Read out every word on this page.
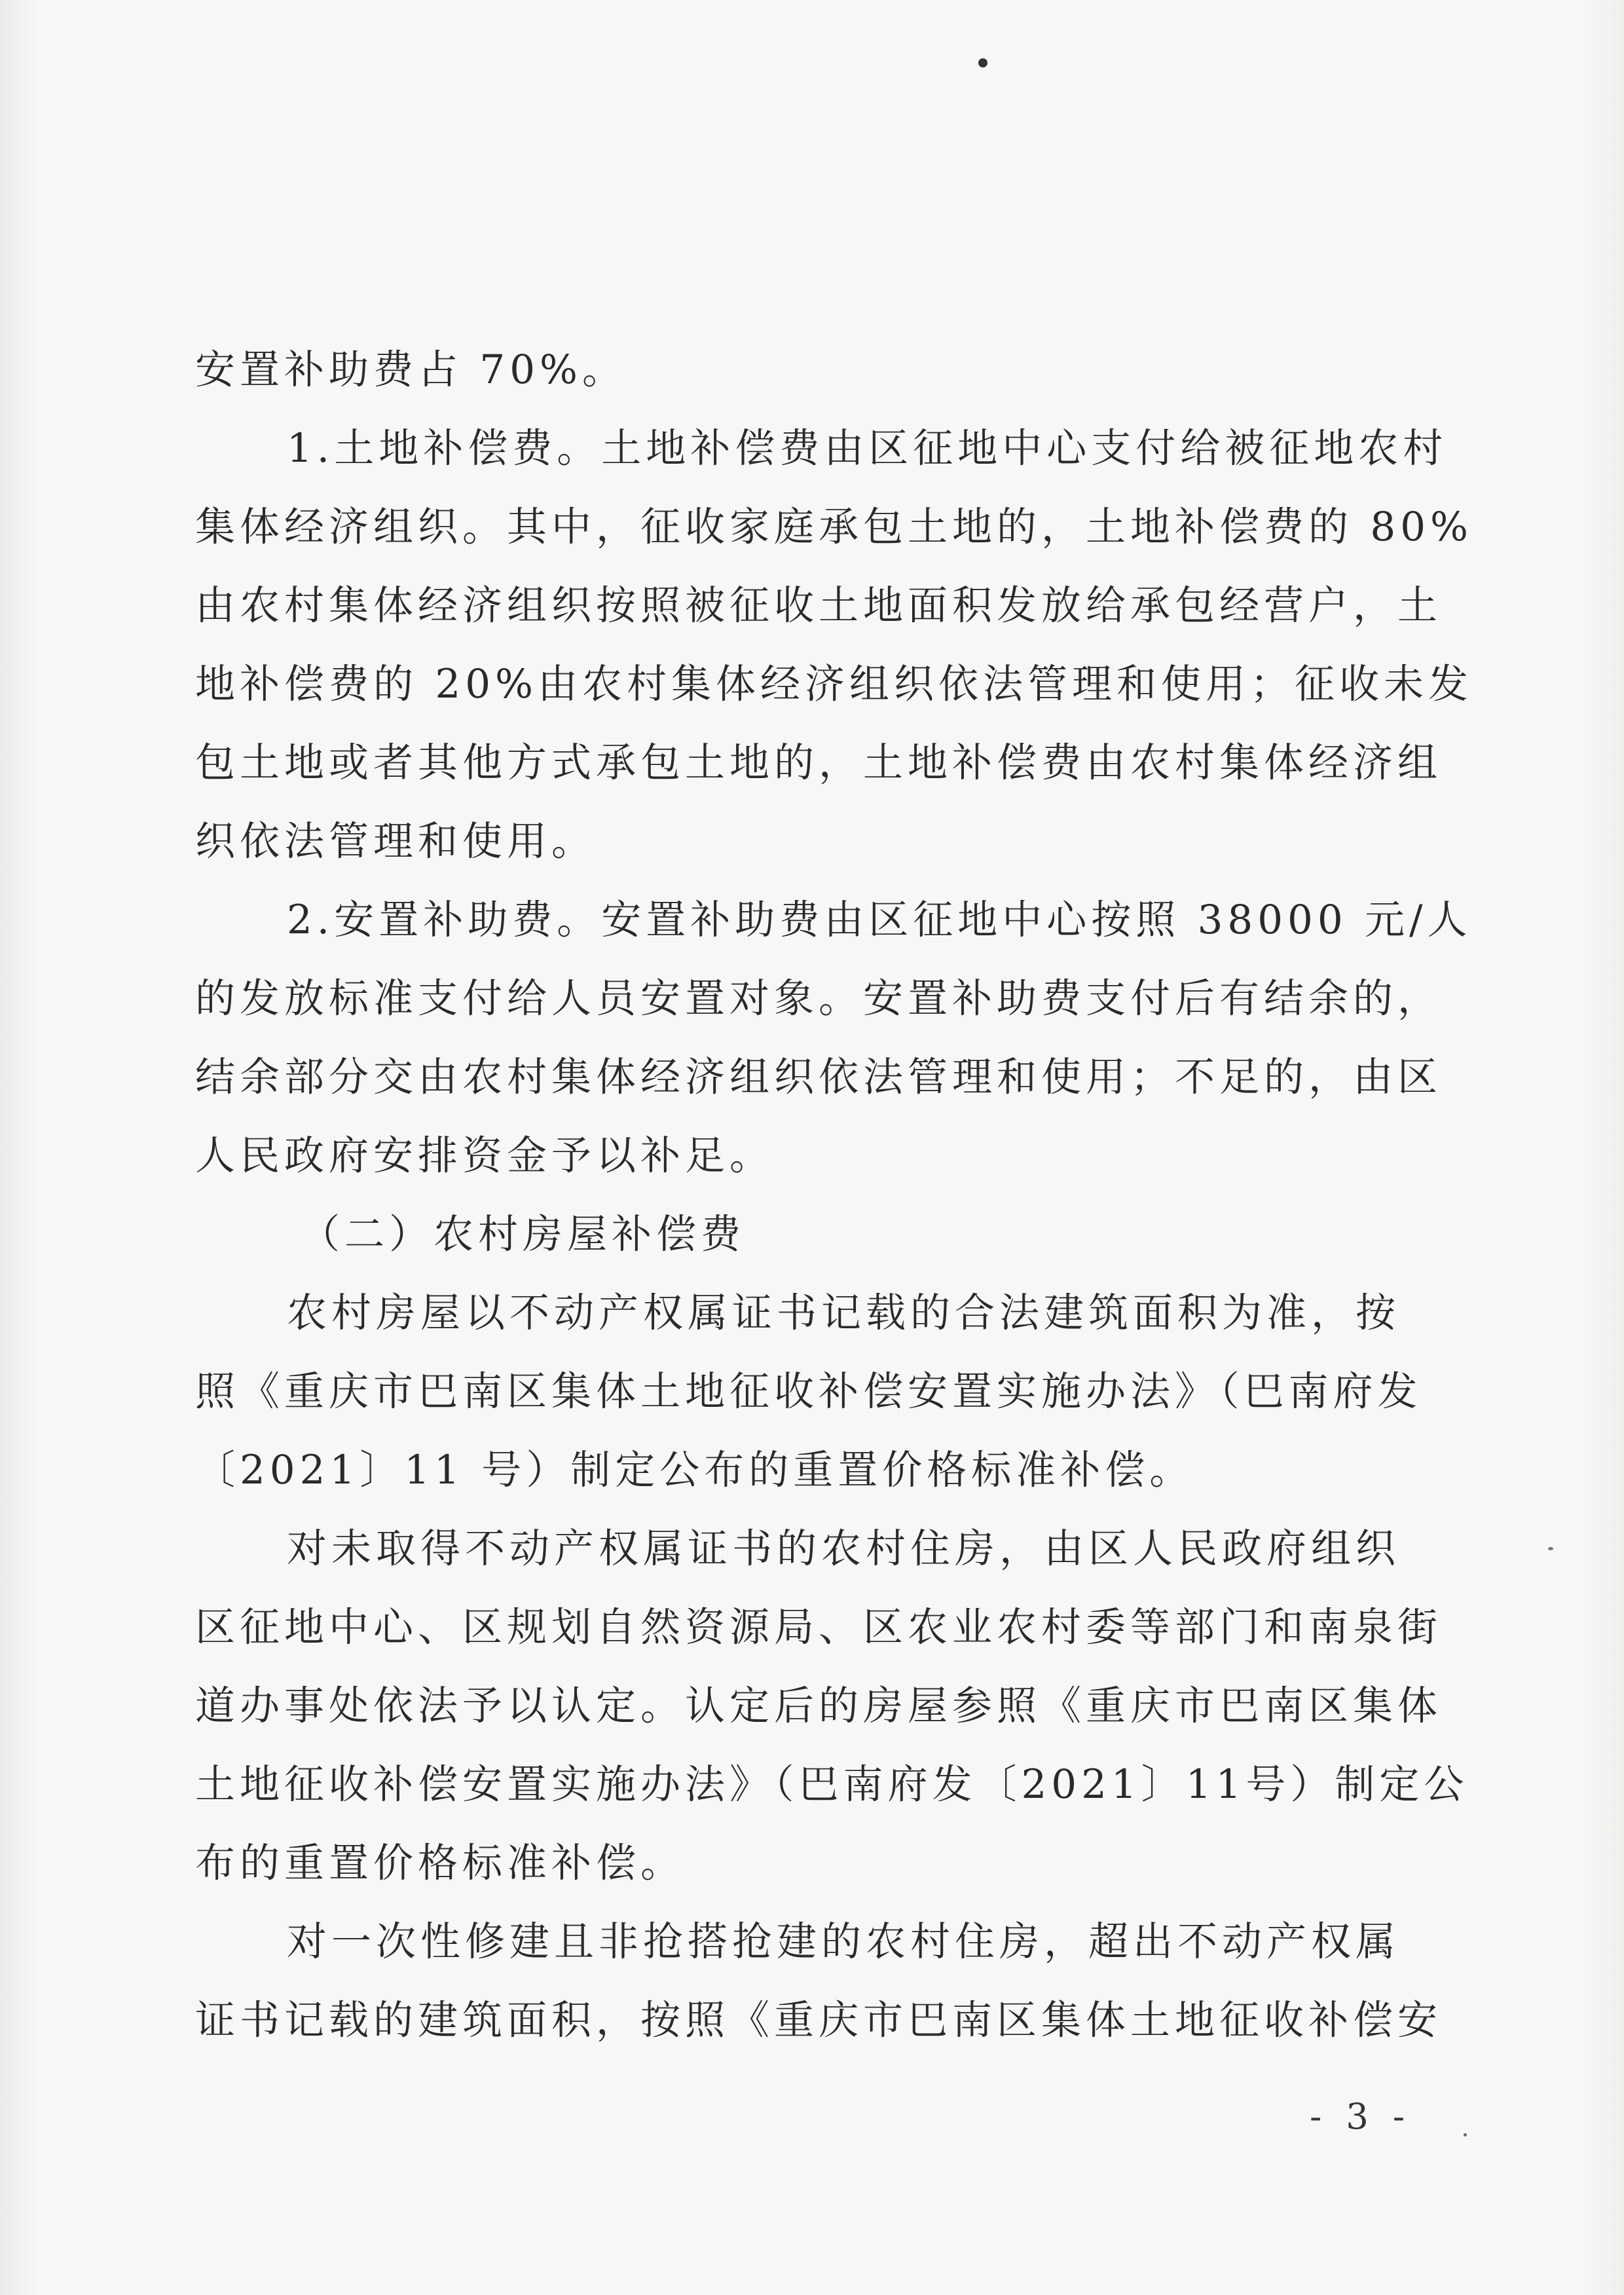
安置补助费占 70%。
1.土地补偿费。土地补偿费由区征地中心支付给被征地农村
集体经济组织。其中，征收家庭承包土地的，土地补偿费的 80%
由农村集体经济组织按照被征收土地面积发放给承包经营户，土
地补偿费的 20%由农村集体经济组织依法管理和使用；征收未发
包土地或者其他方式承包土地的，土地补偿费由农村集体经济组
织依法管理和使用。
2.安置补助费。安置补助费由区征地中心按照 38000 元/人
的发放标准支付给人员安置对象。安置补助费支付后有结余的，
结余部分交由农村集体经济组织依法管理和使用；不足的，由区
人民政府安排资金予以补足。
（二）农村房屋补偿费
农村房屋以不动产权属证书记载的合法建筑面积为准，按
照《重庆市巴南区集体土地征收补偿安置实施办法》（巴南府发
〔2021〕11 号）制定公布的重置价格标准补偿。
对未取得不动产权属证书的农村住房，由区人民政府组织
区征地中心、区规划自然资源局、区农业农村委等部门和南泉街
道办事处依法予以认定。认定后的房屋参照《重庆市巴南区集体
土地征收补偿安置实施办法》（巴南府发〔2021〕11号）制定公
布的重置价格标准补偿。
对一次性修建且非抢搭抢建的农村住房，超出不动产权属
证书记载的建筑面积，按照《重庆市巴南区集体土地征收补偿安
- 3 -
